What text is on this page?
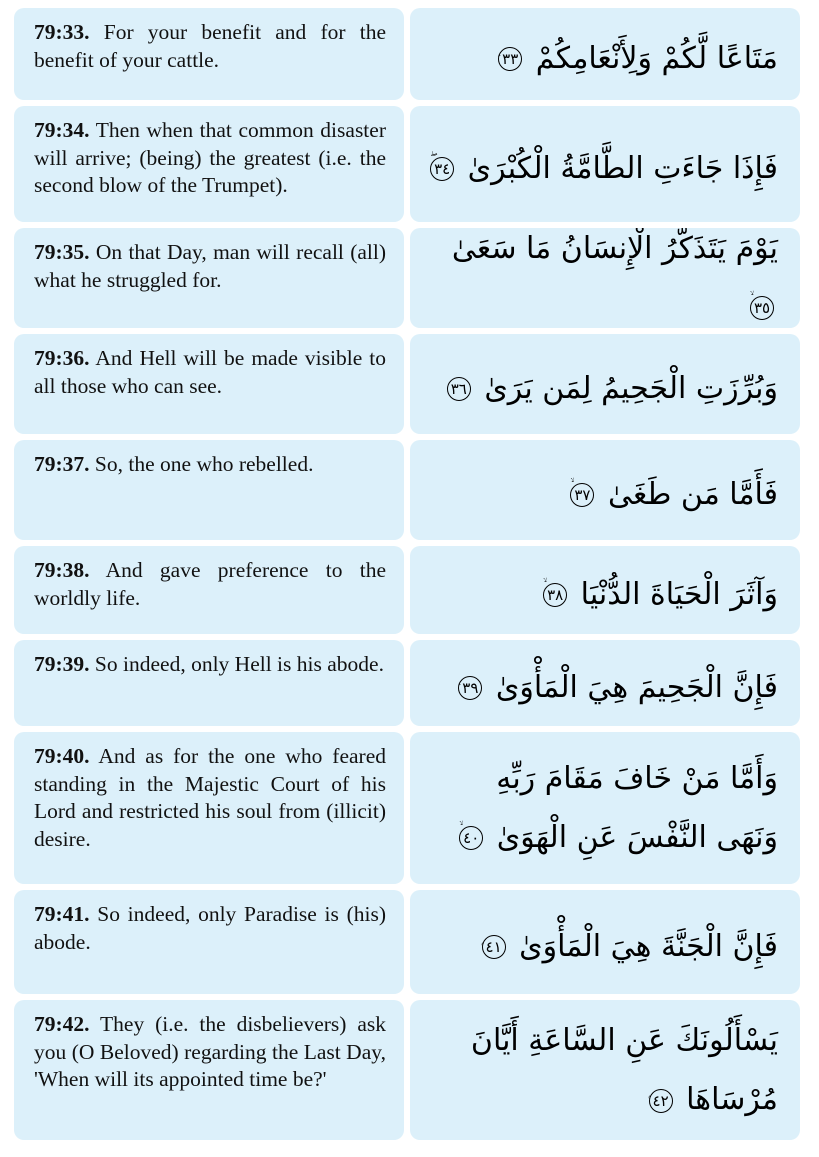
79:33. For your benefit and for the benefit of your cattle.	مَتَاعًا لَّكُمْ وَلِأَنْعَامِكُمْ ٣٣
79:34. Then when that common disaster will arrive; (being) the greatest (i.e. the second blow of the Trumpet).	فَإِذَا جَاءَتِ الطَّامَّةُ الْكُبْرَىٰ ٣٤
79:35. On that Day, man will recall (all) what he struggled for.
يَوْمَ يَتَذَكَّرُ الْإِنسَانُ مَا سَعَىٰ ٣٥
79:36. And Hell will be made visible to all those who can see.	وَبُرِّزَتِ الْجَحِيمُ لِمَن يَرَىٰ ٣٦
79:37. So, the one who rebelled.
فَأَمَّا مَن طَغَىٰ ٣٧
79:38. And gave preference to the worldly life.	وَآثَرَ الْحَيَاةَ الدُّنْيَا ٣٨
79:39. So indeed, only Hell is his abode.
فَإِنَّ الْجَحِيمَ هِيَ الْمَأْوَىٰ ٣٩
79:40. And as for the one who feared standing in the Majestic Court of his Lord and restricted his soul from (illicit) desire.
وَأَمَّا مَنْ خَافَ مَقَامَ رَبِّهِ وَنَهَى النَّفْسَ عَنِ الْهَوَىٰ ٤٠
79:41. So indeed, only Paradise is (his) abode.	فَإِنَّ الْجَنَّةَ هِيَ الْمَأْوَىٰ ٤١
79:42. They (i.e. the disbelievers) ask you (O Beloved) regarding the Last Day, 'When will its appointed time be?'
يَسْأَلُونَكَ عَنِ السَّاعَةِ أَيَّانَ مُرْسَاهَا ٤٢
